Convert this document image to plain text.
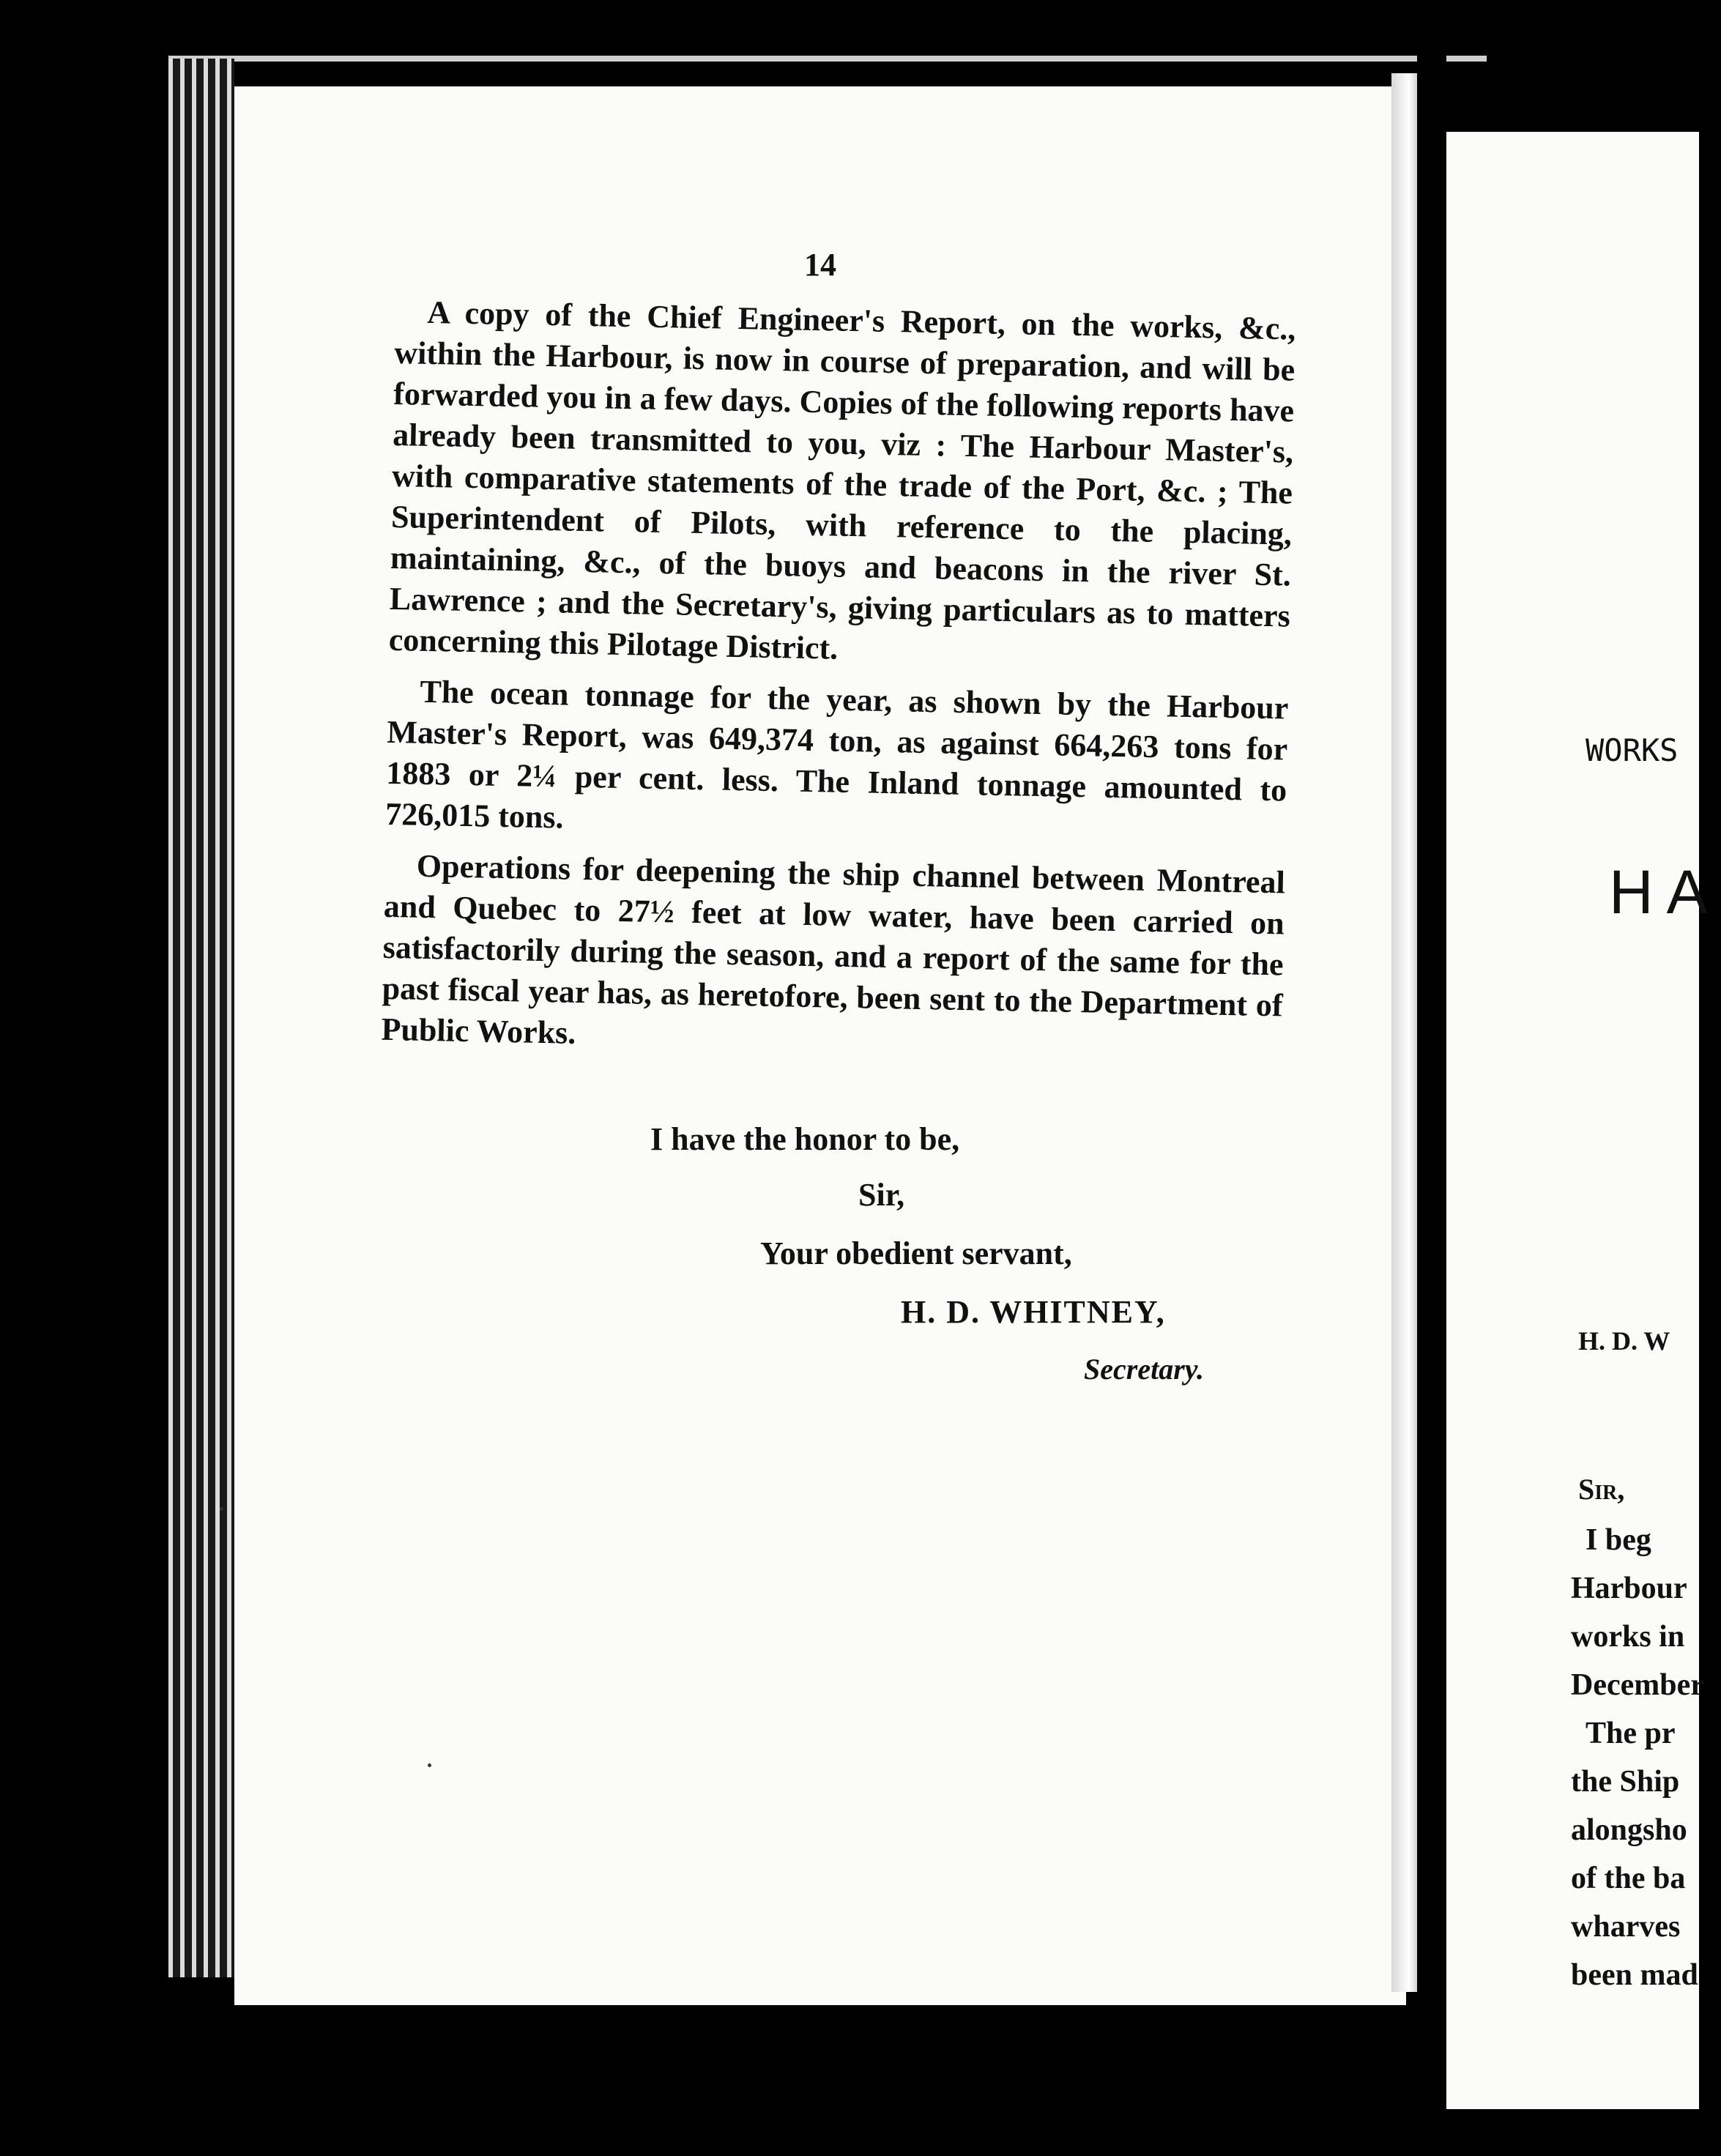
14

A copy of the Chief Engineer's Report, on the works, &c., within the Harbour, is now in course of preparation, and will be forwarded you in a few days. Copies of the following reports have already been transmitted to you, viz : The Harbour Master's, with comparative statements of the trade of the Port, &c. ; The Superintendent of Pilots, with reference to the placing, maintaining, &c., of the buoys and beacons in the river St. Lawrence ; and the Secretary's, giving particulars as to matters concerning this Pilotage District.

The ocean tonnage for the year, as shown by the Harbour Master's Report, was 649,374 ton, as against 664,263 tons for 1883 or 2¼ per cent. less. The Inland tonnage amounted to 726,015 tons.

Operations for deepening the ship channel between Montreal and Quebec to 27½ feet at low water, have been carried on satisfactorily during the season, and a report of the same for the past fiscal year has, as heretofore, been sent to the Department of Public Works.

I have the honor to be,
Sir,
Your obedient servant,
H. D. WHITNEY,
Secretary.
WORKS
HA
H. D. W
Sir,
I beg
Harbour
works in
December
The pr
the Ship
alongsho
of the ba
wharves
been mad
